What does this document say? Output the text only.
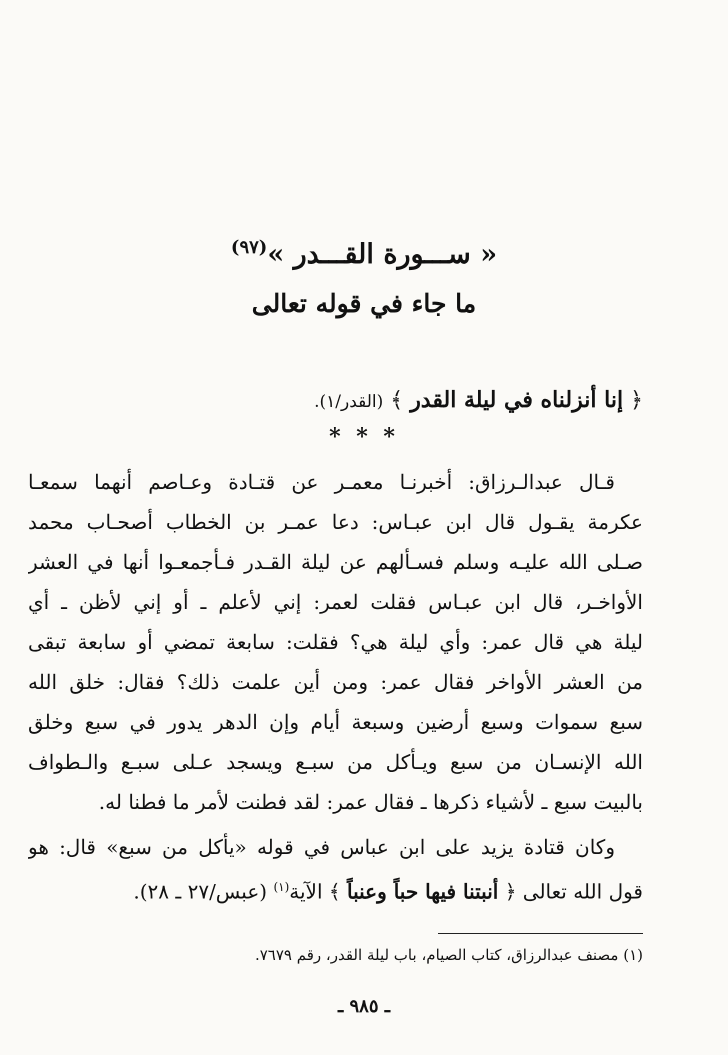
« ســـورة القـــدر »$^{(٩٧)}$
ما جاء في قوله تعالى
﴿ إنا أنزلناه في ليلة القدر ﴾ (القدر/١).
* * *
قـال عبدالـرزاق: أخبرنـا معمـر عن قتـادة وعـاصم أنهما سمعـا
عكرمة يقـول قال ابن عبـاس: دعا عمـر بن الخطاب أصحـاب محمد
صـلى الله عليـه وسلم فسـألهم عن ليلة القـدر فـأجمعـوا أنها في العشر
الأواخـر، قال ابن عبـاس فقلت لعمر: إني لأعلم ـ أو إني لأظن ـ أي
ليلة هي قال عمر: وأي ليلة هي؟ فقلت: سابعة تمضي أو سابعة تبقى
من العشر الأواخر فقال عمر: ومن أين علمت ذلك؟ فقال: خلق الله
سبع سموات وسبع أرضين وسبعة أيام وإن الدهر يدور في سبع وخلق
الله الإنسـان من سبع ويـأكل من سبـع ويسجد عـلى سبـع والـطواف
بالبيت سبع ـ لأشياء ذكرها ـ فقال عمر: لقد فطنت لأمر ما فطنا له.
وكان قتادة يزيد على ابن عباس في قوله «يأكل من سبع» قال: هو
قول الله تعالى ﴿ أنبتنا فيها حباً وعنباً ﴾ الآية$^{(١)}$ (عبس/٢٧ ـ ٢٨).
(١) مصنف عبدالرزاق، كتاب الصيام، باب ليلة القدر، رقم ٧٦٧٩.
ـ ٩٨٥ ـ
